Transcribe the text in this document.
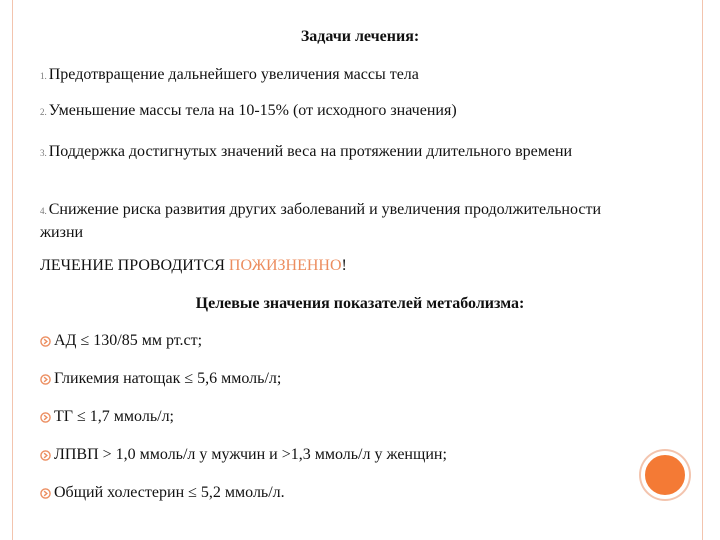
Задачи лечения:
1. Предотвращение дальнейшего увеличения массы тела
2. Уменьшение массы тела на 10-15% (от исходного значения)
3. Поддержка достигнутых значений веса на протяжении длительного времени
4. Снижение риска развития других заболеваний и увеличения продолжительности жизни
ЛЕЧЕНИЕ ПРОВОДИТСЯ ПОЖИЗНЕННО!
Целевые значения показателей метаболизма:
АД ≤ 130/85 мм рт.ст;
Гликемия натощак ≤ 5,6 ммоль/л;
ТГ ≤ 1,7 ммоль/л;
ЛПВП > 1,0 ммоль/л у мужчин и >1,3 ммоль/л у женщин;
Общий холестерин ≤ 5,2 ммоль/л.
